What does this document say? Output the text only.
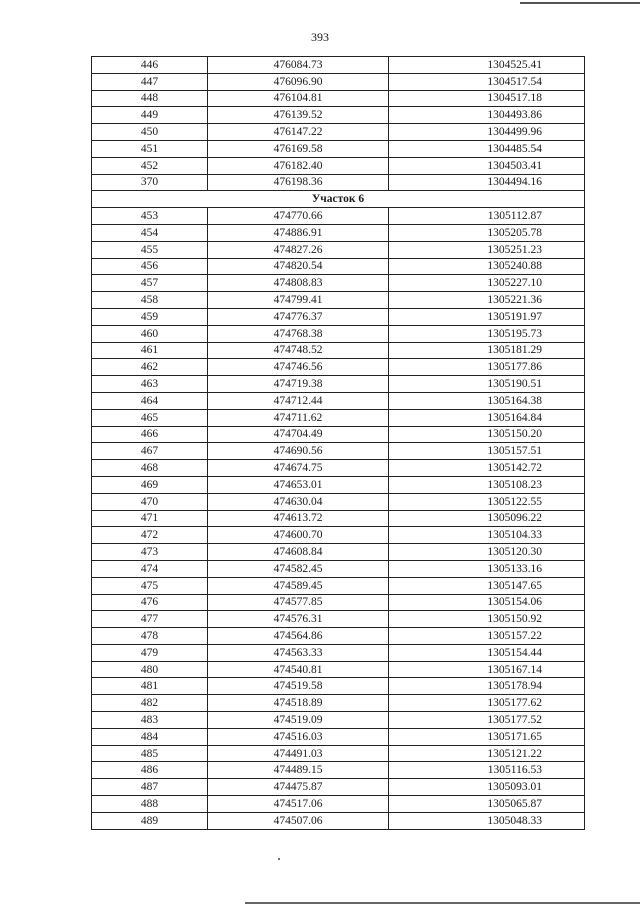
393
446	476084.73	1304525.41
447	476096.90	1304517.54
448	476104.81	1304517.18
449	476139.52	1304493.86
450	476147.22	1304499.96
451	476169.58	1304485.54
452	476182.40	1304503.41
370	476198.36	1304494.16
Участок 6		
453	474770.66	1305112.87
454	474886.91	1305205.78
455	474827.26	1305251.23
456	474820.54	1305240.88
457	474808.83	1305227.10
458	474799.41	1305221.36
459	474776.37	1305191.97
460	474768.38	1305195.73
461	474748.52	1305181.29
462	474746.56	1305177.86
463	474719.38	1305190.51
464	474712.44	1305164.38
465	474711.62	1305164.84
466	474704.49	1305150.20
467	474690.56	1305157.51
468	474674.75	1305142.72
469	474653.01	1305108.23
470	474630.04	1305122.55
471	474613.72	1305096.22
472	474600.70	1305104.33
473	474608.84	1305120.30
474	474582.45	1305133.16
475	474589.45	1305147.65
476	474577.85	1305154.06
477	474576.31	1305150.92
478	474564.86	1305157.22
479	474563.33	1305154.44
480	474540.81	1305167.14
481	474519.58	1305178.94
482	474518.89	1305177.62
483	474519.09	1305177.52
484	474516.03	1305171.65
485	474491.03	1305121.22
486	474489.15	1305116.53
487	474475.87	1305093.01
488	474517.06	1305065.87
489	474507.06	1305048.33
